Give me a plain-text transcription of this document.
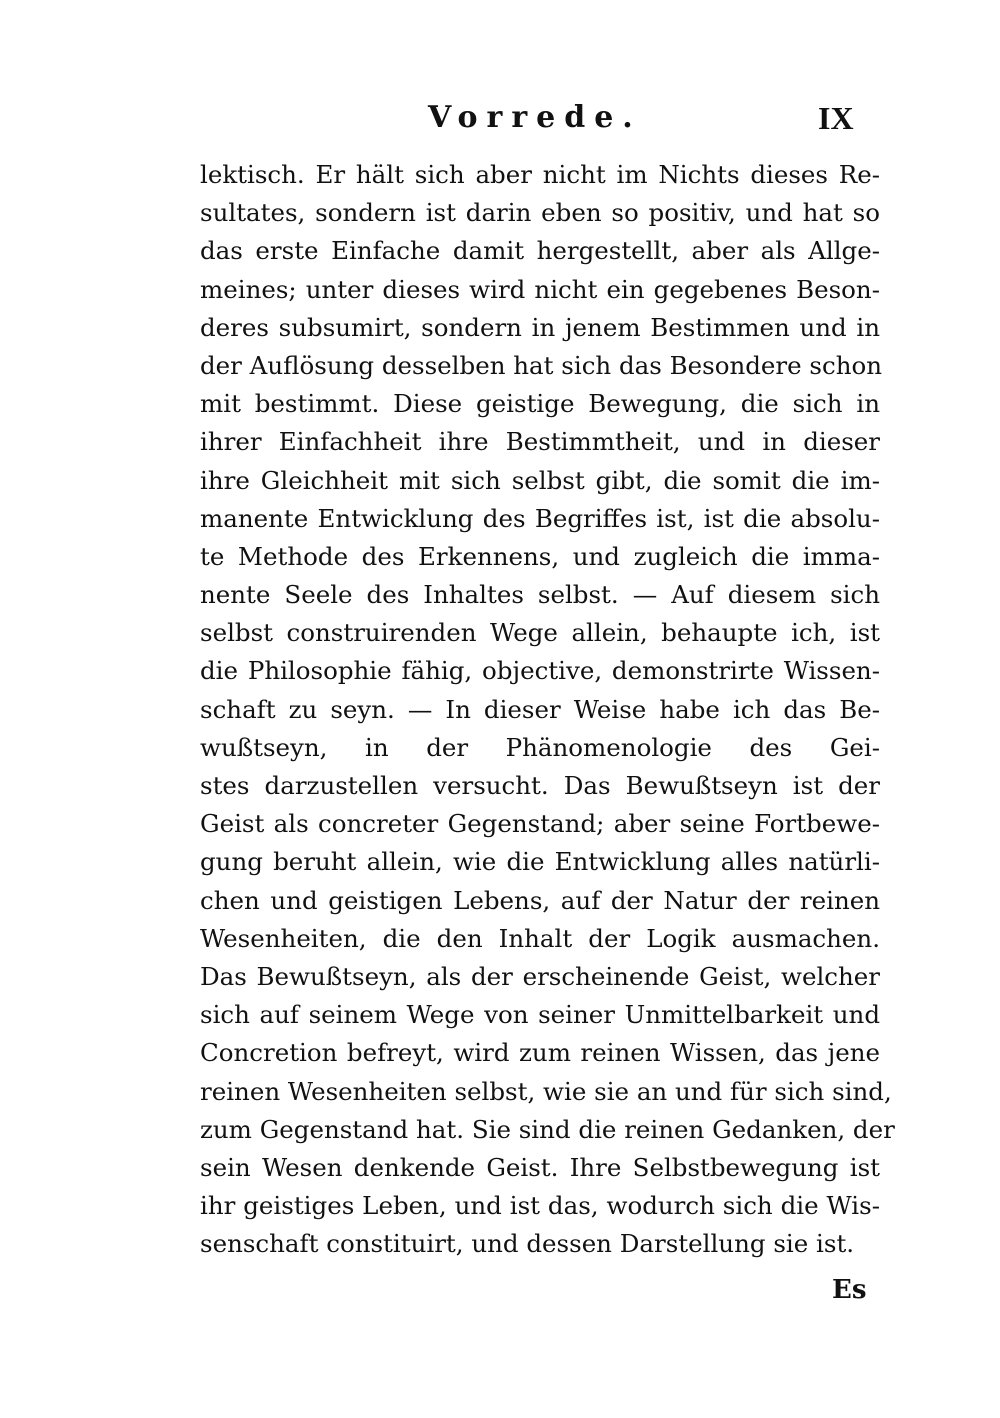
Vorrede.	IX
lektisch. Er hält sich aber nicht im Nichts dieses Re-
sultates, sondern ist darin eben so positiv, und hat so
das erste Einfache damit hergestellt, aber als Allge-
meines; unter dieses wird nicht ein gegebenes Beson-
deres subsumirt, sondern in jenem Bestimmen und in
der Auflösung desselben hat sich das Besondere schon
mit bestimmt. Diese geistige Bewegung, die sich in
ihrer Einfachheit ihre Bestimmtheit, und in dieser
ihre Gleichheit mit sich selbst gibt, die somit die im-
manente Entwicklung des Begriffes ist, ist die absolu-
te Methode des Erkennens, und zugleich die imma-
nente Seele des Inhaltes selbst. — Auf diesem sich
selbst construirenden Wege allein, behaupte ich, ist
die Philosophie fähig, objective, demonstrirte Wissen-
schaft zu seyn. — In dieser Weise habe ich das Be-
wußtseyn, in der Phänomenologie des Gei-
stes darzustellen versucht. Das Bewußtseyn ist der
Geist als concreter Gegenstand; aber seine Fortbewe-
gung beruht allein, wie die Entwicklung alles natürli-
chen und geistigen Lebens, auf der Natur der reinen
Wesenheiten, die den Inhalt der Logik ausmachen.
Das Bewußtseyn, als der erscheinende Geist, welcher
sich auf seinem Wege von seiner Unmittelbarkeit und
Concretion befreyt, wird zum reinen Wissen, das jene
reinen Wesenheiten selbst, wie sie an und für sich sind,
zum Gegenstand hat. Sie sind die reinen Gedanken, der
sein Wesen denkende Geist. Ihre Selbstbewegung ist
ihr geistiges Leben, und ist das, wodurch sich die Wis-
senschaft constituirt, und dessen Darstellung sie ist.
Es
